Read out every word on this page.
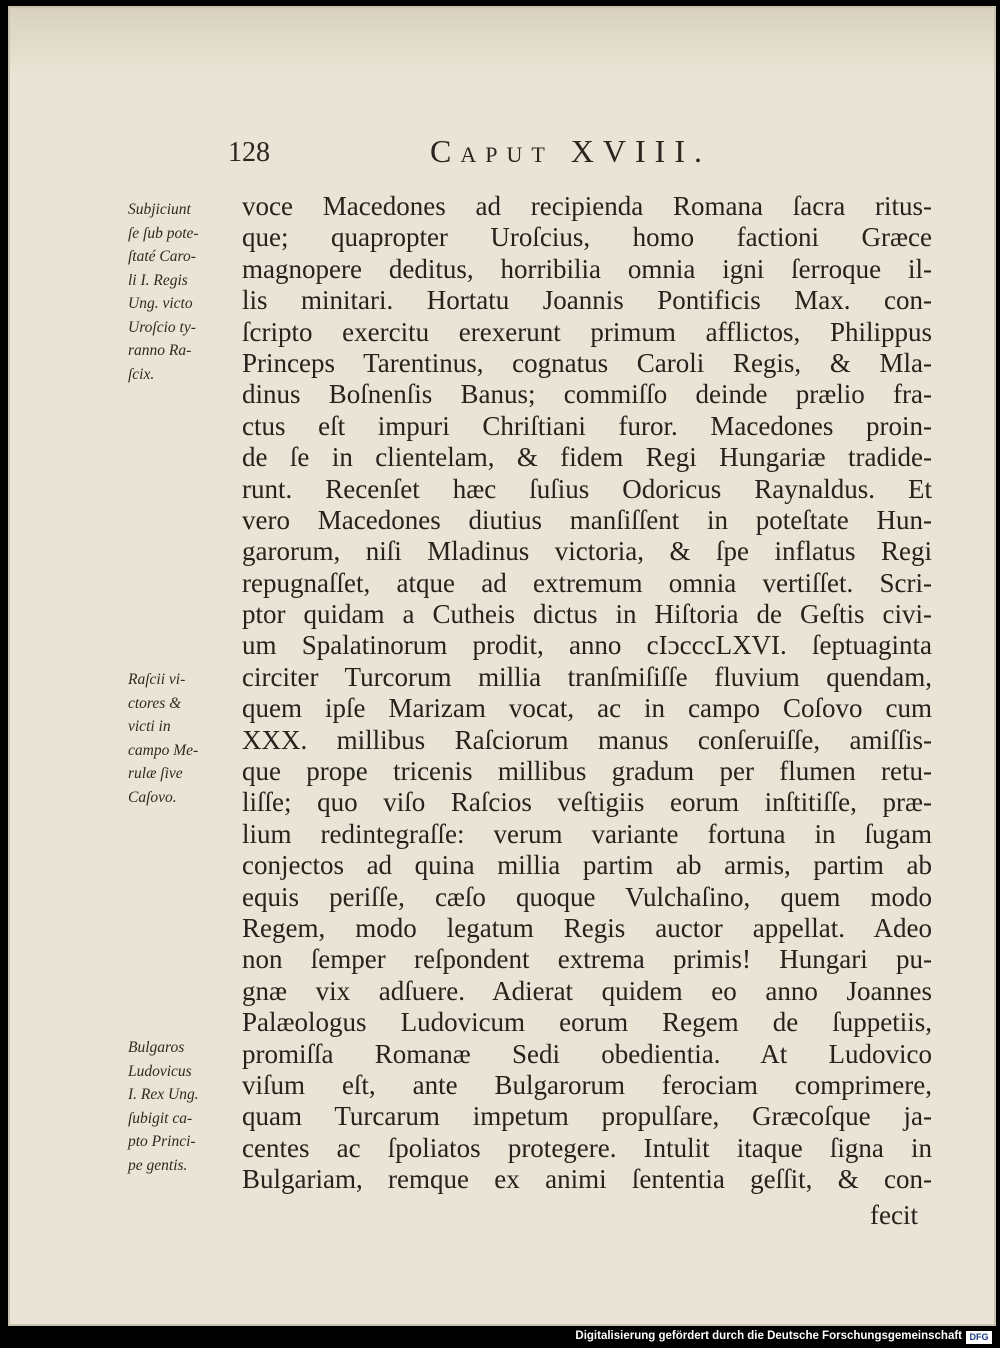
128	Caput XVIII.
Subjiciunt
ſe ſub pote-
ſtaté Caro-
li I. Regis
Ung. victo
Uroſcio ty-
ranno Ra-
ſcix.
Raſcii vi-
ctores &
victi in
campo Me-
rulæ ſive
Caſovo.
Bulgaros
Ludovicus
I. Rex Ung.
ſubigit ca-
pto Princi-
pe gentis.
voce Macedones ad recipienda Romana ſacra ritus-
que; quapropter Uroſcius, homo factioni Græce
magnopere deditus, horribilia omnia igni ſerroque il-
lis minitari. Hortatu Joannis Pontificis Max. con-
ſcripto exercitu erexerunt primum afflictos, Philippus
Princeps Tarentinus, cognatus Caroli Regis, & Mla-
dinus Boſnenſis Banus; commiſſo deinde prælio fra-
ctus eſt impuri Chriſtiani furor. Macedones proin-
de ſe in clientelam, & fidem Regi Hungariæ tradide-
runt. Recenſet hæc ſuſius Odoricus Raynaldus. Et
vero Macedones diutius manſiſſent in poteſtate Hun-
garorum, niſi Mladinus victoria, & ſpe inflatus Regi
repugnaſſet, atque ad extremum omnia vertiſſet. Scri-
ptor quidam a Cutheis dictus in Hiſtoria de Geſtis civi-
um Spalatinorum prodit, anno cIɔcccLXVI. ſeptuaginta
circiter Turcorum millia tranſmiſiſſe fluvium quendam,
quem ipſe Marizam vocat, ac in campo Coſovo cum
XXX. millibus Raſciorum manus conſeruiſſe, amiſſis-
que prope tricenis millibus gradum per flumen retu-
liſſe; quo viſo Raſcios veſtigiis eorum inſtitiſſe, præ-
lium redintegraſſe: verum variante fortuna in ſugam
conjectos ad quina millia partim ab armis, partim ab
equis periſſe, cæſo quoque Vulchaſino, quem modo
Regem, modo legatum Regis auctor appellat. Adeo
non ſemper reſpondent extrema primis! Hungari pu-
gnæ vix adſuere. Adierat quidem eo anno Joannes
Palæologus Ludovicum eorum Regem de ſuppetiis,
promiſſa Romanæ Sedi obedientia. At Ludovico
viſum eſt, ante Bulgarorum ferociam comprimere,
quam Turcarum impetum propulſare, Græcoſque ja-
centes ac ſpoliatos protegere. Intulit itaque ſigna in
Bulgariam, remque ex animi ſententia geſſit, & con-
fecit
Digitalisierung gefördert durch die Deutsche Forschungsgemeinschaft DFG
